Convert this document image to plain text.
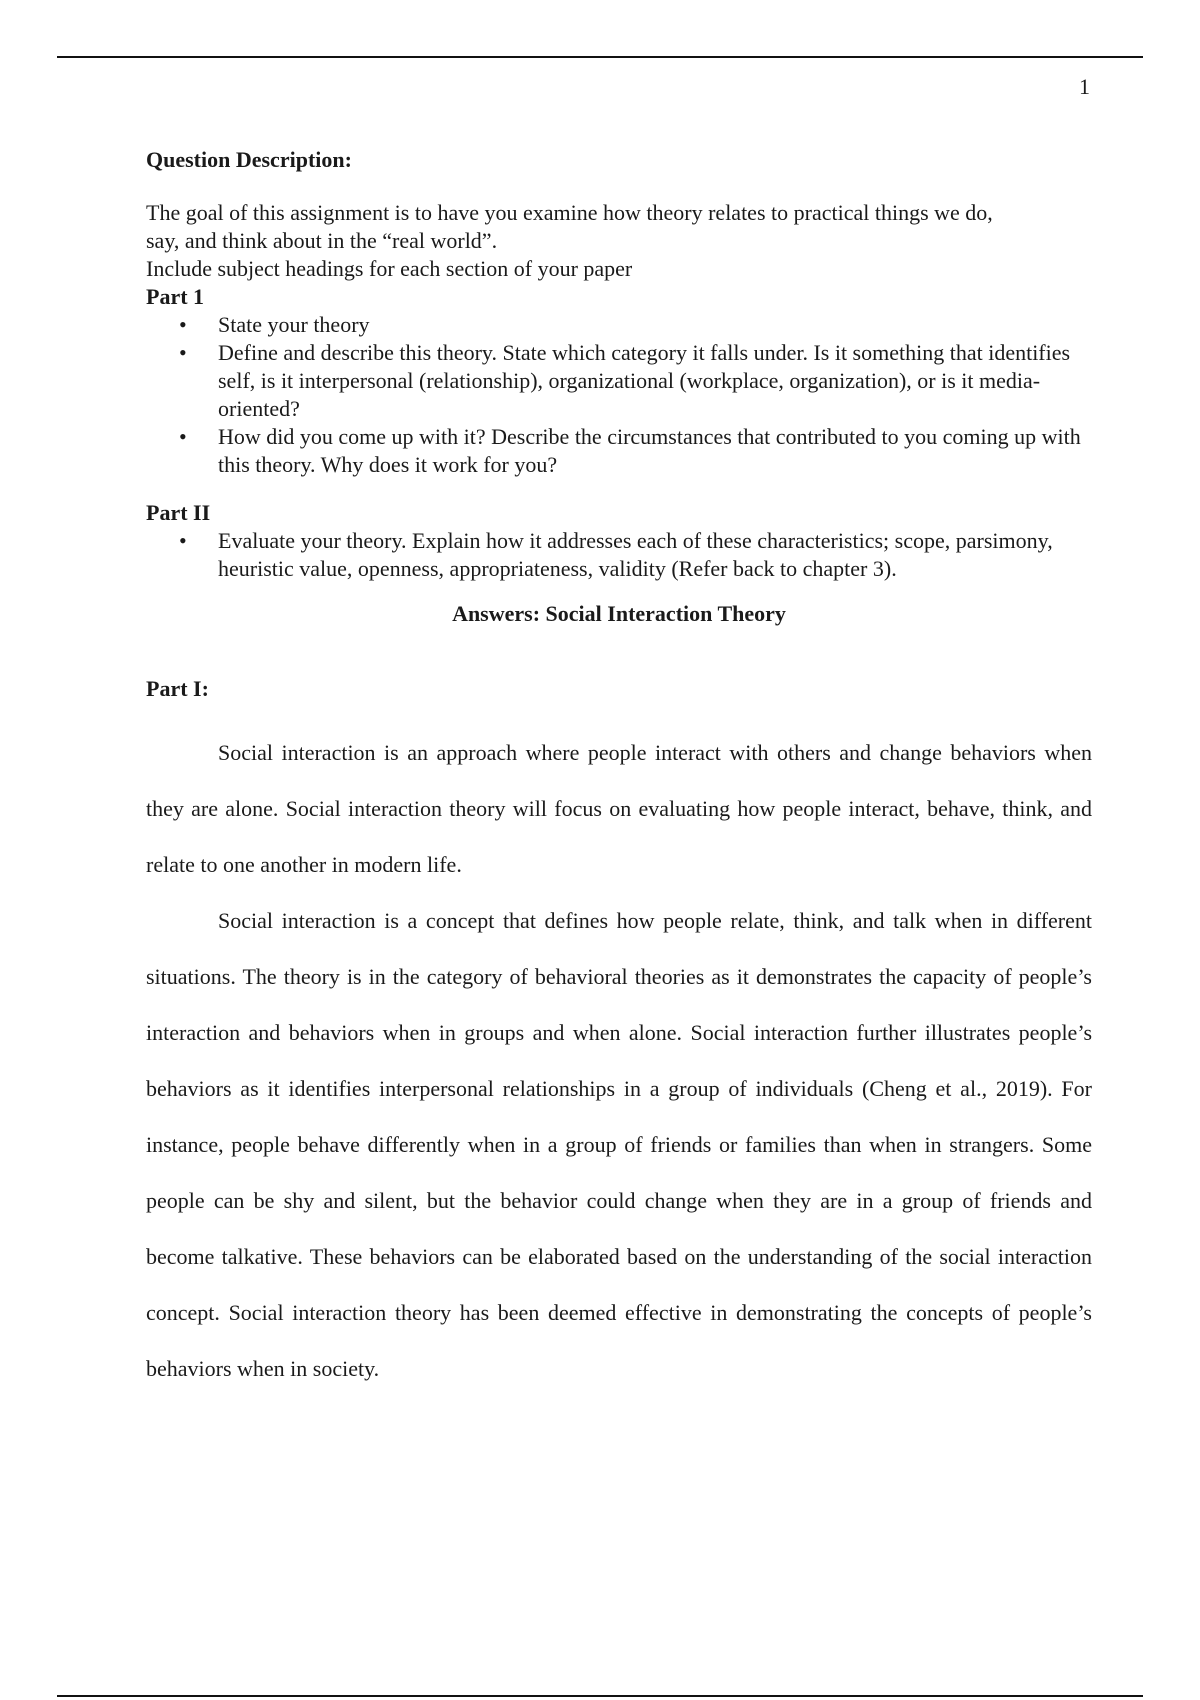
1
Question Description:

The goal of this assignment is to have you examine how theory relates to practical things we do,

say, and think about in the “real world”.

Include subject headings for each section of your paper

Part 1
• State your theory
• Define and describe this theory. State which category it falls under. Is it something that identifies self, is it interpersonal (relationship), organizational (workplace, organization), or is it media-oriented?
• How did you come up with it? Describe the circumstances that contributed to you coming up with this theory. Why does it work for you?
Part II
• Evaluate your theory. Explain how it addresses each of these characteristics; scope, parsimony, heuristic value, openness, appropriateness, validity (Refer back to chapter 3).
Answers: Social Interaction Theory
Part I:

Social interaction is an approach where people interact with others and change behaviors when they are alone. Social interaction theory will focus on evaluating how people interact, behave, think, and relate to one another in modern life.

Social interaction is a concept that defines how people relate, think, and talk when in different situations. The theory is in the category of behavioral theories as it demonstrates the capacity of people’s interaction and behaviors when in groups and when alone. Social interaction further illustrates people’s behaviors as it identifies interpersonal relationships in a group of individuals (Cheng et al., 2019). For instance, people behave differently when in a group of friends or families than when in strangers. Some people can be shy and silent, but the behavior could change when they are in a group of friends and become talkative. These behaviors can be elaborated based on the understanding of the social interaction concept. Social interaction theory has been deemed effective in demonstrating the concepts of people’s behaviors when in society.
